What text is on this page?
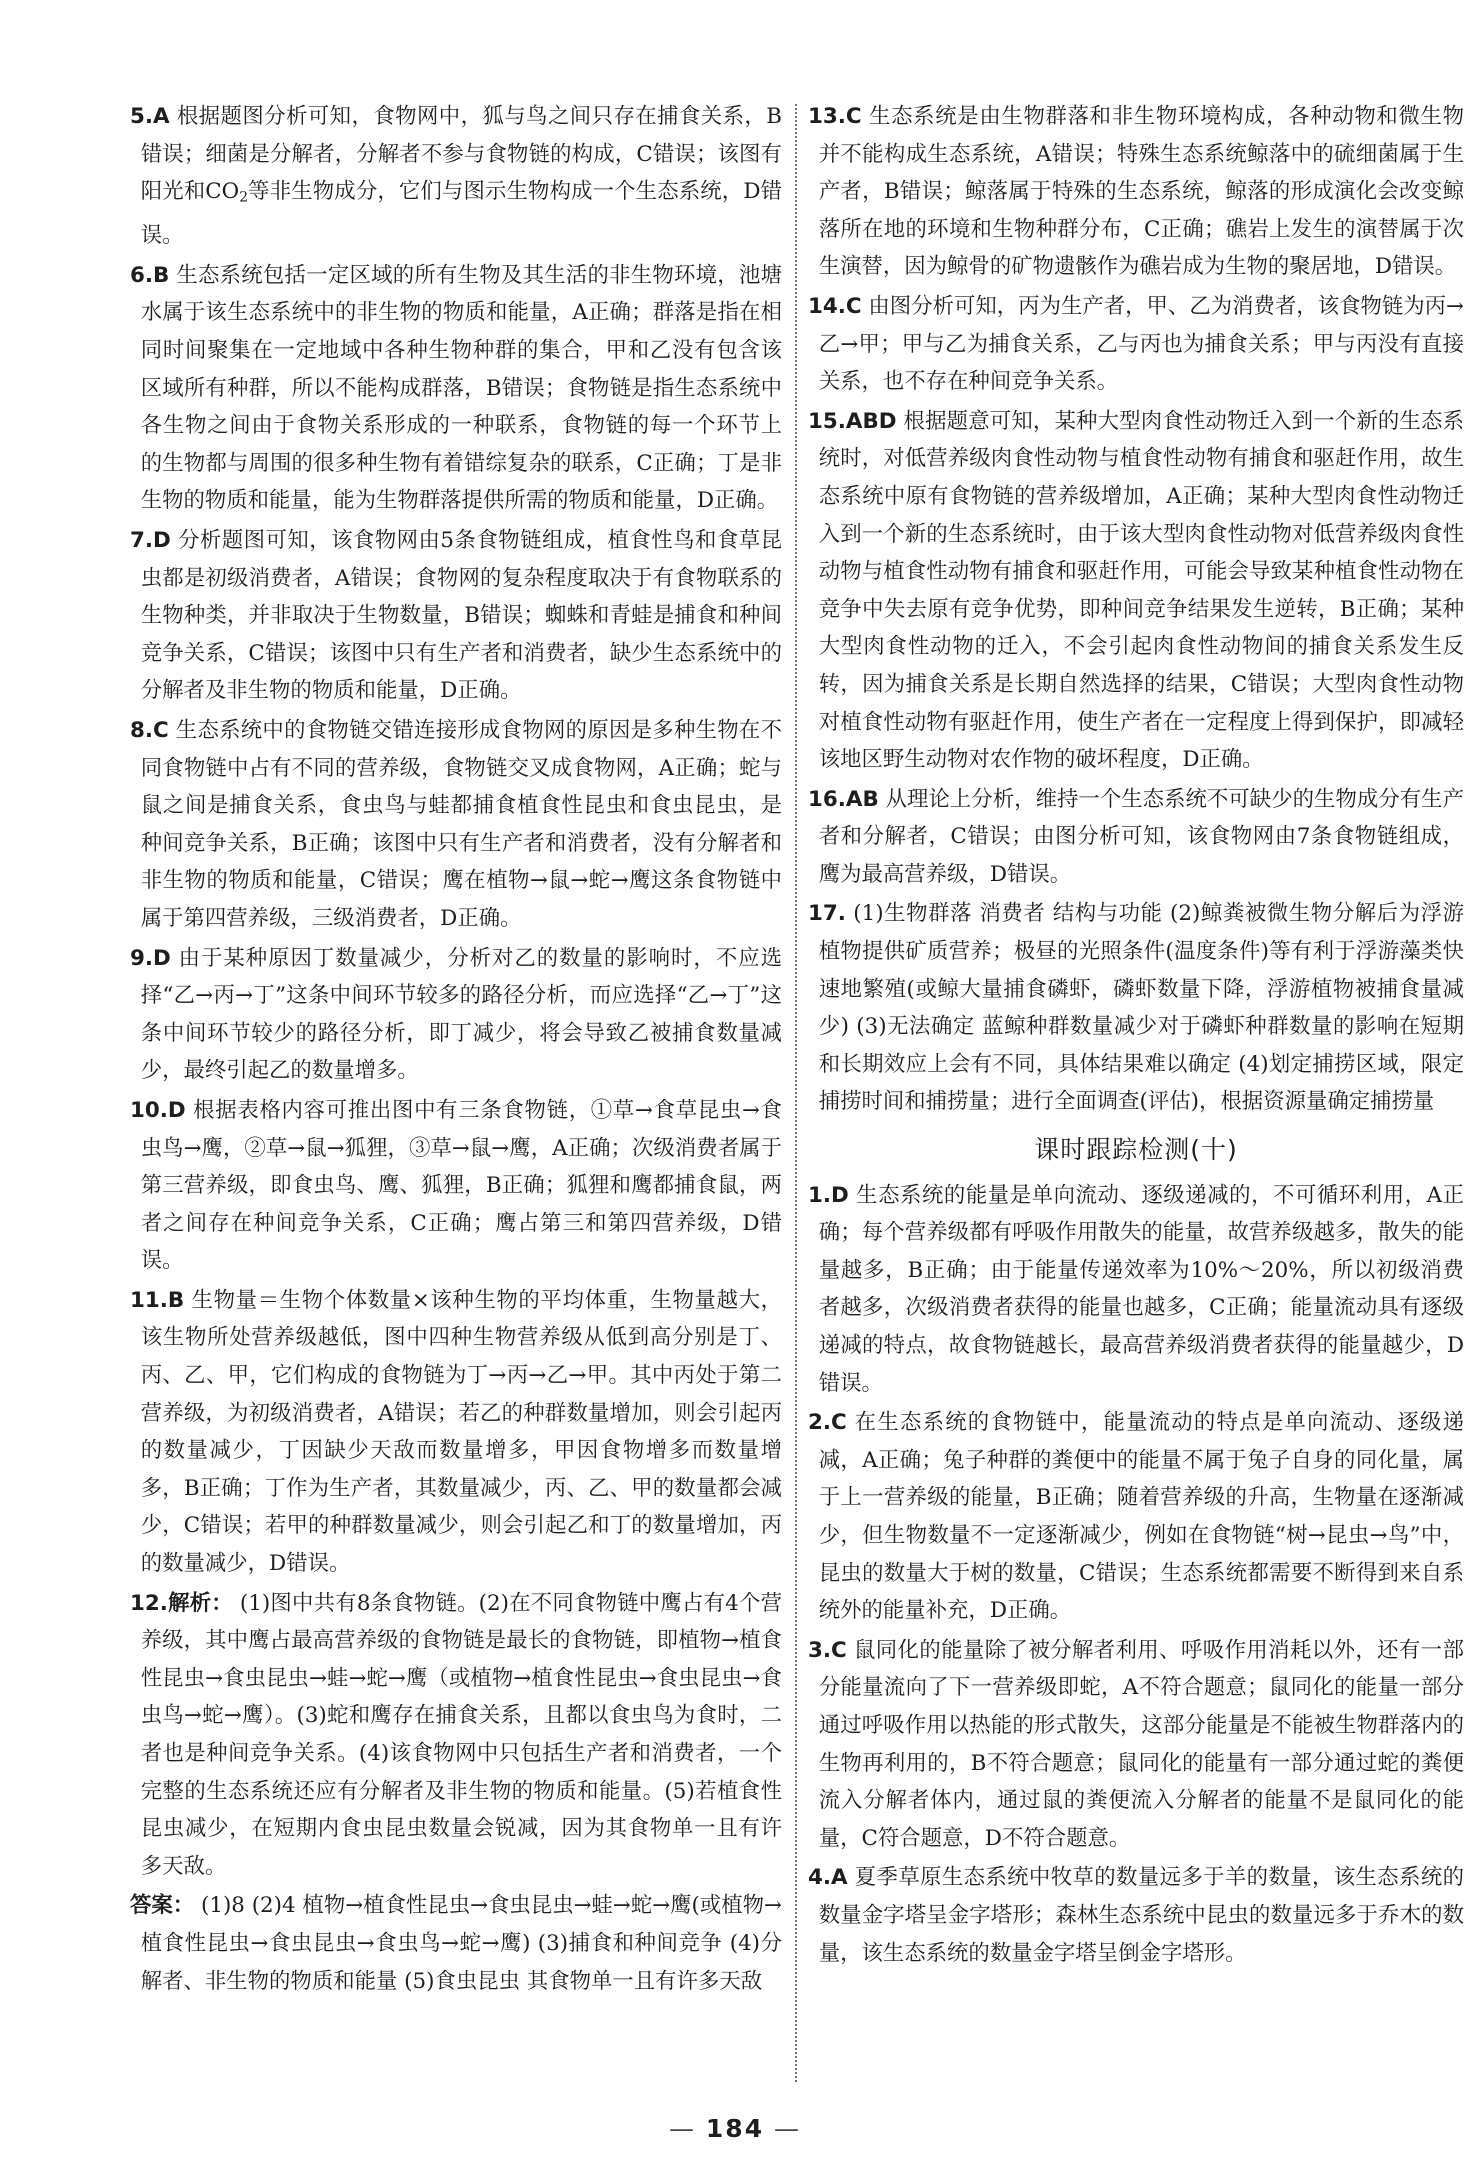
5.A 根据题图分析可知，食物网中，狐与鸟之间只存在捕食关系，B错误；细菌是分解者，分解者不参与食物链的构成，C错误；该图有阳光和$CO_2$等非生物成分，它们与图示生物构成一个生态系统，D错误。
6.B 生态系统包括一定区域的所有生物及其生活的非生物环境，池塘水属于该生态系统中的非生物的物质和能量，A正确；群落是指在相同时间聚集在一定地域中各种生物种群的集合，甲和乙没有包含该区域所有种群，所以不能构成群落，B错误；食物链是指生态系统中各生物之间由于食物关系形成的一种联系，食物链的每一个环节上的生物都与周围的很多种生物有着错综复杂的联系，C正确；丁是非生物的物质和能量，能为生物群落提供所需的物质和能量，D正确。
7.D 分析题图可知，该食物网由5条食物链组成，植食性鸟和食草昆虫都是初级消费者，A错误；食物网的复杂程度取决于有食物联系的生物种类，并非取决于生物数量，B错误；蜘蛛和青蛙是捕食和种间竞争关系，C错误；该图中只有生产者和消费者，缺少生态系统中的分解者及非生物的物质和能量，D正确。
8.C 生态系统中的食物链交错连接形成食物网的原因是多种生物在不同食物链中占有不同的营养级，食物链交叉成食物网，A正确；蛇与鼠之间是捕食关系，食虫鸟与蛙都捕食植食性昆虫和食虫昆虫，是种间竞争关系，B正确；该图中只有生产者和消费者，没有分解者和非生物的物质和能量，C错误；鹰在植物→鼠→蛇→鹰这条食物链中属于第四营养级，三级消费者，D正确。
9.D 由于某种原因丁数量减少，分析对乙的数量的影响时，不应选择“乙→丙→丁”这条中间环节较多的路径分析，而应选择“乙→丁”这条中间环节较少的路径分析，即丁减少，将会导致乙被捕食数量减少，最终引起乙的数量增多。
10.D 根据表格内容可推出图中有三条食物链，①草→食草昆虫→食虫鸟→鹰，②草→鼠→狐狸，③草→鼠→鹰，A正确；次级消费者属于第三营养级，即食虫鸟、鹰、狐狸，B正确；狐狸和鹰都捕食鼠，两者之间存在种间竞争关系，C正确；鹰占第三和第四营养级，D错误。
11.B 生物量＝生物个体数量×该种生物的平均体重，生物量越大，该生物所处营养级越低，图中四种生物营养级从低到高分别是丁、丙、乙、甲，它们构成的食物链为丁→丙→乙→甲。其中丙处于第二营养级，为初级消费者，A错误；若乙的种群数量增加，则会引起丙的数量减少，丁因缺少天敌而数量增多，甲因食物增多而数量增多，B正确；丁作为生产者，其数量减少，丙、乙、甲的数量都会减少，C错误；若甲的种群数量减少，则会引起乙和丁的数量增加，丙的数量减少，D错误。
12.解析： (1)图中共有8条食物链。(2)在不同食物链中鹰占有4个营养级，其中鹰占最高营养级的食物链是最长的食物链，即植物→植食性昆虫→食虫昆虫→蛙→蛇→鹰（或植物→植食性昆虫→食虫昆虫→食虫鸟→蛇→鹰）。(3)蛇和鹰存在捕食关系，且都以食虫鸟为食时，二者也是种间竞争关系。(4)该食物网中只包括生产者和消费者，一个完整的生态系统还应有分解者及非生物的物质和能量。(5)若植食性昆虫减少，在短期内食虫昆虫数量会锐减，因为其食物单一且有许多天敌。
答案： (1)8 (2)4 植物→植食性昆虫→食虫昆虫→蛙→蛇→鹰(或植物→植食性昆虫→食虫昆虫→食虫鸟→蛇→鹰) (3)捕食和种间竞争 (4)分解者、非生物的物质和能量 (5)食虫昆虫 其食物单一且有许多天敌
13.C 生态系统是由生物群落和非生物环境构成，各种动物和微生物并不能构成生态系统，A错误；特殊生态系统鲸落中的硫细菌属于生产者，B错误；鲸落属于特殊的生态系统，鲸落的形成演化会改变鲸落所在地的环境和生物种群分布，C正确；礁岩上发生的演替属于次生演替，因为鲸骨的矿物遗骸作为礁岩成为生物的聚居地，D错误。
14.C 由图分析可知，丙为生产者，甲、乙为消费者，该食物链为丙→乙→甲；甲与乙为捕食关系，乙与丙也为捕食关系；甲与丙没有直接关系，也不存在种间竞争关系。
15.ABD 根据题意可知，某种大型肉食性动物迁入到一个新的生态系统时，对低营养级肉食性动物与植食性动物有捕食和驱赶作用，故生态系统中原有食物链的营养级增加，A正确；某种大型肉食性动物迁入到一个新的生态系统时，由于该大型肉食性动物对低营养级肉食性动物与植食性动物有捕食和驱赶作用，可能会导致某种植食性动物在竞争中失去原有竞争优势，即种间竞争结果发生逆转，B正确；某种大型肉食性动物的迁入，不会引起肉食性动物间的捕食关系发生反转，因为捕食关系是长期自然选择的结果，C错误；大型肉食性动物对植食性动物有驱赶作用，使生产者在一定程度上得到保护，即减轻该地区野生动物对农作物的破坏程度，D正确。
16.AB 从理论上分析，维持一个生态系统不可缺少的生物成分有生产者和分解者，C错误；由图分析可知，该食物网由7条食物链组成，鹰为最高营养级，D错误。
17. (1)生物群落 消费者 结构与功能 (2)鲸粪被微生物分解后为浮游植物提供矿质营养；极昼的光照条件(温度条件)等有利于浮游藻类快速地繁殖(或鲸大量捕食磷虾，磷虾数量下降，浮游植物被捕食量减少) (3)无法确定 蓝鲸种群数量减少对于磷虾种群数量的影响在短期和长期效应上会有不同，具体结果难以确定 (4)划定捕捞区域，限定捕捞时间和捕捞量；进行全面调查(评估)，根据资源量确定捕捞量
课时跟踪检测(十)
1.D 生态系统的能量是单向流动、逐级递减的，不可循环利用，A正确；每个营养级都有呼吸作用散失的能量，故营养级越多，散失的能量越多，B正确；由于能量传递效率为10%～20%，所以初级消费者越多，次级消费者获得的能量也越多，C正确；能量流动具有逐级递减的特点，故食物链越长，最高营养级消费者获得的能量越少，D错误。
2.C 在生态系统的食物链中，能量流动的特点是单向流动、逐级递减，A正确；兔子种群的粪便中的能量不属于兔子自身的同化量，属于上一营养级的能量，B正确；随着营养级的升高，生物量在逐渐减少，但生物数量不一定逐渐减少，例如在食物链“树→昆虫→鸟”中，昆虫的数量大于树的数量，C错误；生态系统都需要不断得到来自系统外的能量补充，D正确。
3.C 鼠同化的能量除了被分解者利用、呼吸作用消耗以外，还有一部分能量流向了下一营养级即蛇，A不符合题意；鼠同化的能量一部分通过呼吸作用以热能的形式散失，这部分能量是不能被生物群落内的生物再利用的，B不符合题意；鼠同化的能量有一部分通过蛇的粪便流入分解者体内，通过鼠的粪便流入分解者的能量不是鼠同化的能量，C符合题意，D不符合题意。
4.A 夏季草原生态系统中牧草的数量远多于羊的数量，该生态系统的数量金字塔呈金字塔形；森林生态系统中昆虫的数量远多于乔木的数量，该生态系统的数量金字塔呈倒金字塔形。
— 184 —
